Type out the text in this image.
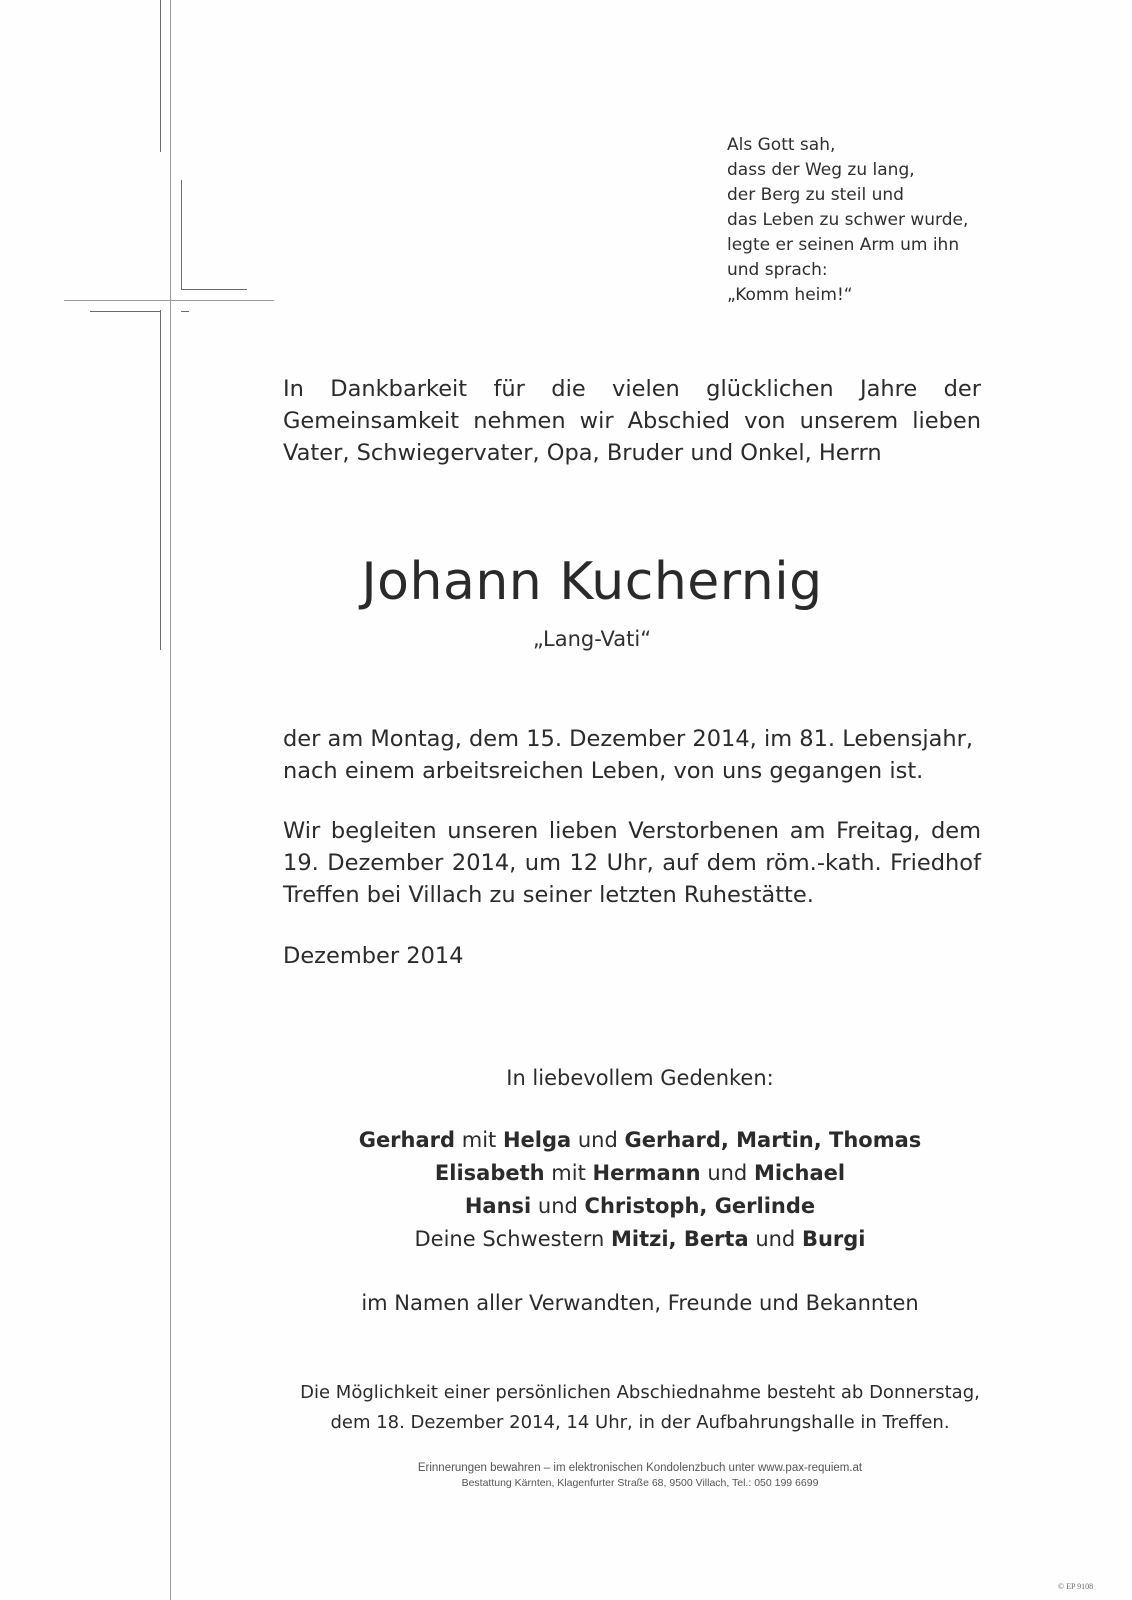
Als Gott sah,
dass der Weg zu lang,
der Berg zu steil und
das Leben zu schwer wurde,
legte er seinen Arm um ihn
und sprach:
„Komm heim!“
In Dankbarkeit für die vielen glücklichen Jahre der
Gemeinsamkeit nehmen wir Abschied von unserem lieben
Vater, Schwiegervater, Opa, Bruder und Onkel, Herrn
Johann Kuchernig
„Lang-Vati“
der am Montag, dem 15. Dezember 2014, im 81. Lebensjahr,
nach einem arbeitsreichen Leben, von uns gegangen ist.
Wir begleiten unseren lieben Verstorbenen am Freitag, dem
19. Dezember 2014, um 12 Uhr, auf dem röm.-kath. Friedhof
Treffen bei Villach zu seiner letzten Ruhestätte.
Dezember 2014
In liebevollem Gedenken:
Gerhard mit Helga und Gerhard, Martin, Thomas
Elisabeth mit Hermann und Michael
Hansi und Christoph, Gerlinde
Deine Schwestern Mitzi, Berta und Burgi
im Namen aller Verwandten, Freunde und Bekannten
Die Möglichkeit einer persönlichen Abschiednahme besteht ab Donnerstag,
dem 18. Dezember 2014, 14 Uhr, in der Aufbahrungshalle in Treffen.
Erinnerungen bewahren – im elektronischen Kondolenzbuch unter www.pax-requiem.at
Bestattung Kärnten, Klagenfurter Straße 68, 9500 Villach, Tel.: 050 199 6699
© EP 9108
